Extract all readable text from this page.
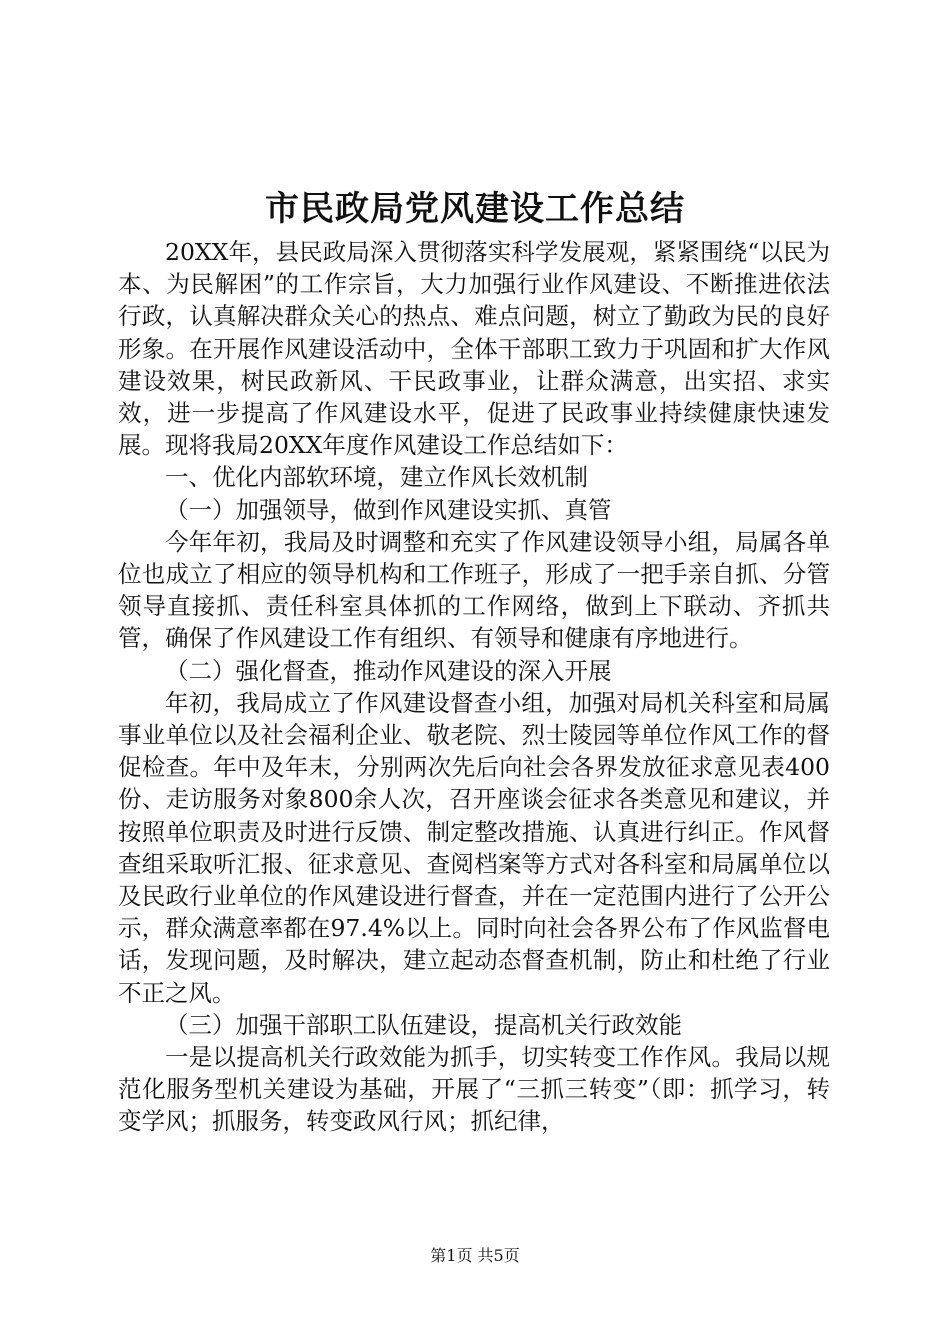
市民政局党风建设工作总结

20XX年，县民政局深入贯彻落实科学发展观，紧紧围绕“以民为本、为民解困”的工作宗旨，大力加强行业作风建设、不断推进依法行政，认真解决群众关心的热点、难点问题，树立了勤政为民的良好形象。在开展作风建设活动中，全体干部职工致力于巩固和扩大作风建设效果，树民政新风、干民政事业，让群众满意，出实招、求实效，进一步提高了作风建设水平，促进了民政事业持续健康快速发展。现将我局20XX年度作风建设工作总结如下：

一、优化内部软环境，建立作风长效机制

（一）加强领导，做到作风建设实抓、真管

今年年初，我局及时调整和充实了作风建设领导小组，局属各单位也成立了相应的领导机构和工作班子，形成了一把手亲自抓、分管领导直接抓、责任科室具体抓的工作网络，做到上下联动、齐抓共管，确保了作风建设工作有组织、有领导和健康有序地进行。

（二）强化督查，推动作风建设的深入开展

年初，我局成立了作风建设督查小组，加强对局机关科室和局属事业单位以及社会福利企业、敬老院、烈士陵园等单位作风工作的督促检查。年中及年末，分别两次先后向社会各界发放征求意见表400份、走访服务对象800余人次，召开座谈会征求各类意见和建议，并按照单位职责及时进行反馈、制定整改措施、认真进行纠正。作风督查组采取听汇报、征求意见、查阅档案等方式对各科室和局属单位以及民政行业单位的作风建设进行督查，并在一定范围内进行了公开公示，群众满意率都在97.4%以上。同时向社会各界公布了作风监督电话，发现问题，及时解决，建立起动态督查机制，防止和杜绝了行业不正之风。

（三）加强干部职工队伍建设，提高机关行政效能

一是以提高机关行政效能为抓手，切实转变工作作风。我局以规范化服务型机关建设为基础，开展了“三抓三转变”（即：抓学习，转变学风；抓服务，转变政风行风；抓纪律，

第1页 共5页
